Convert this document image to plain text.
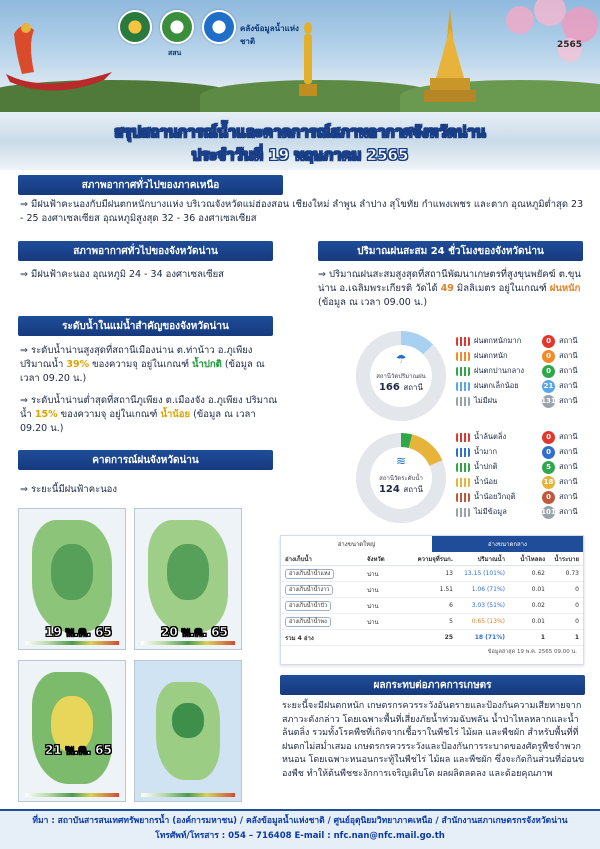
สสน
คลังข้อมูลน้ำแห่งชาติ	2565
สรุปสถานการณ์น้ำและคาดการณ์สภาพอากาศจังหวัดน่าน
ประจำวันที่ 19 พฤษภาคม 2565
สภาพอากาศทั่วไปของภาคเหนือ
⇒ มีฝนฟ้าคะนองกับมีฝนตกหนักบางแห่ง บริเวณจังหวัดแม่ฮ่องสอน เชียงใหม่ ลำพูน ลำปาง สุโขทัย กำแพงเพชร และตาก อุณหภูมิต่ำสุด 23 - 25 องศาเซลเซียส อุณหภูมิสูงสุด 32 - 36 องศาเซลเซียส
สภาพอากาศทั่วไปของจังหวัดน่าน
⇒ มีฝนฟ้าคะนอง อุณหภูมิ 24 - 34 องศาเซลเซียส
ระดับน้ำในแม่น้ำสำคัญของจังหวัดน่าน
⇒ ระดับน้ำน่านสูงสุดที่สถานีเมืองน่าน ต.ท่าน้าว อ.ภูเพียง ปริมาณน้ำ 39% ของความจุ อยู่ในเกณฑ์ น้ำปกติ (ข้อมูล ณ เวลา 09.20 น.)
⇒ ระดับน้ำน่านต่ำสุดที่สถานีภูเพียง ต.เมืองจัง อ.ภูเพียง ปริมาณน้ำ 15% ของความจุ อยู่ในเกณฑ์ น้ำน้อย (ข้อมูล ณ เวลา 09.20 น.)
คาดการณ์ฝนจังหวัดน่าน
⇒ ระยะนี้มีฝนฟ้าคะนอง
19 พ.ค. 65	20 พ.ค. 65
21 พ.ค. 65
ปริมาณฝนสะสม 24 ชั่วโมงของจังหวัดน่าน
⇒ ปริมาณฝนสะสมสูงสุดที่สถานีพัฒนาเกษตรที่สูงขุนพยัคฆ์ ต.ขุนน่าน อ.เฉลิมพระเกียรติ วัดได้ 49 มิลลิเมตร อยู่ในเกณฑ์ ฝนหนัก (ข้อมูล ณ เวลา 09.00 น.)
☂
สถานีวัดปริมาณฝน
166 สถานี
≋
สถานีวัดระดับน้ำ
124 สถานี
ฝนตกหนักมาก	0	สถานี
ฝนตกหนัก	0	สถานี
ฝนตกปานกลาง	0	สถานี
ฝนตกเล็กน้อย	21 สถานี
ไม่มีฝน	131 สถานี
น้ำล้นตลิ่ง	0	สถานี
น้ำมาก	0	สถานี
น้ำปกติ	5	สถานี
น้ำน้อย	18 สถานี
น้ำน้อยวิกฤติ	0	สถานี
ไม่มีข้อมูล	101 สถานี
อ่างขนาดใหญ่	อ่างขนาดกลาง
อ่างเก็บน้ำ	จังหวัด	ความจุที่รนก.	ปริมาณน้ำ	น้ำไหลลง	น้ำระบาย
อ่างเก็บน้ำน้ำแหง	น่าน	13	13.15 (101%)	0.62	0.73
อ่างเก็บน้ำน้ำงาว	น่าน	1.51	1.06 (71%)	0.01	0
อ่างเก็บน้ำน้ำปัว	น่าน	6	3.03 (51%)	0.02	0
อ่างเก็บน้ำน้ำพง	น่าน	5	0.65 (13%)	0.01	0
รวม 4 อ่าง	25	18 (71%)	1	1
ข้อมูลล่าสุด 19 พ.ค. 2565 09.00 น.
ผลกระทบต่อภาคการเกษตร
ระยะนี้จะมีฝนตกหนัก เกษตรกรควรระวังอันตรายและป้องกันความเสียหายจากสภาวะดังกล่าว โดยเฉพาะพื้นที่เสี่ยงภัยน้ำท่วมฉับพลัน น้ำป่าไหลหลากและน้ำล้นตลิ่ง รวมทั้งโรคพืชที่เกิดจากเชื้อราในพืชไร่ ไม้ผล และพืชผัก สำหรับพื้นที่ที่ฝนตกไม่สม่ำเสมอ เกษตรกรควรระวังและป้องกันการระบาดของศัตรูพืชจำพวกหนอน โดยเฉพาะหนอนกระทู้ในพืชไร่ ไม้ผล และพืชผัก ซึ่งจะกัดกินส่วนที่อ่อนของพืช ทำให้ต้นพืชชะงักการเจริญเติบโต ผลผลิตลดลง และด้อยคุณภาพ
ที่มา : สถาบันสารสนเทศทรัพยากรน้ำ (องค์การมหาชน) / คลังข้อมูลน้ำแห่งชาติ / ศูนย์อุตุนิยมวิทยาภาคเหนือ / สำนักงานสภาเกษตรกรจังหวัดน่าน
โทรศัพท์/โทรสาร : 054 – 716408 E-mail : nfc.nan@nfc.mail.go.th
